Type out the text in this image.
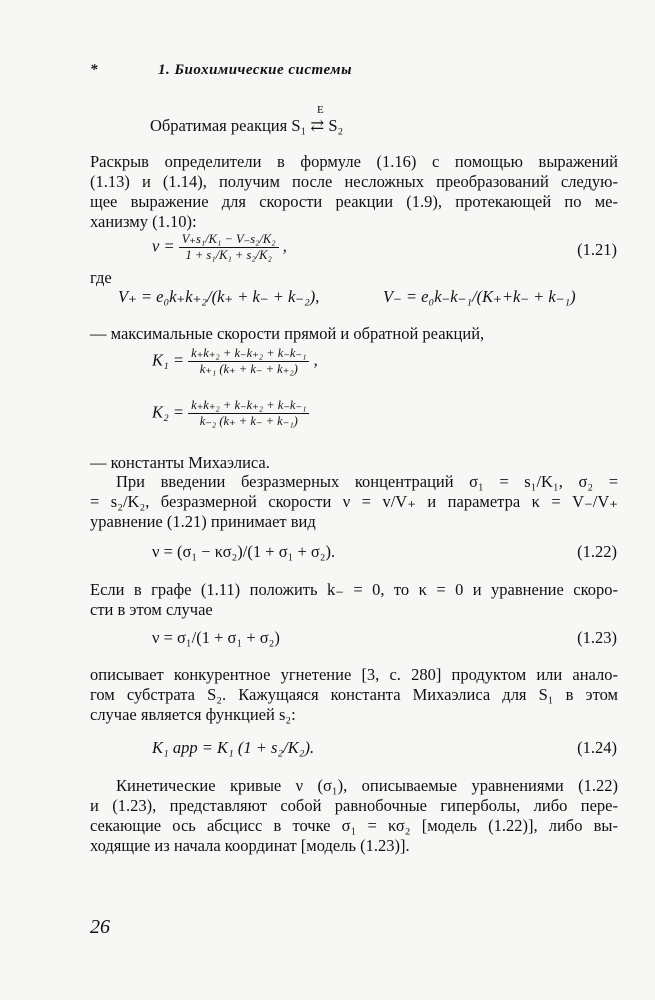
*	1. Биохимические системы
E
Обратимая реакция S₁ ⇄ S₂
Раскрыв определители в формуле (1.16) с помощью выражений
(1.13) и (1.14), получим после несложных преобразований следую-
щее выражение для скорости реакции (1.9), протекающей по ме-
ханизму (1.10):
$v = \frac{\text{V₊s₁/K₁ − V₋s₂/K₂}}{\text{1 + s₁/K₁ + s₂/K₂}}$ ,	(1.21)
где
V₊ = e₀k₊k₊₂/(k₊ + k₋ + k₋₂),	V₋ = e₀k₋k₋₁/(K₊+k₋ + k₋₁)
— максимальные скорости прямой и обратной реакций,
$K_1 = \frac{\text{k₊k₊₂ + k₋k₊₂ + k₋k₋₁}}{\text{k₊₁ (k₊ + k₋ + k₊₂)}}$ ,
$K_2 = \frac{\text{k₊k₊₂ + k₋k₊₂ + k₋k₋₁}}{\text{k₋₂ (k₊ + k₋ + k₋₁)}}$
— константы Михаэлиса.
При введении безразмерных концентраций σ₁ = s₁/K₁, σ₂ =
= s₂/K₂, безразмерной скорости ν = v/V₊ и параметра κ = V₋/V₊
уравнение (1.21) принимает вид
ν = (σ₁ − κσ₂)/(1 + σ₁ + σ₂).	(1.22)
Если в графе (1.11) положить k₋ = 0, то κ = 0 и уравнение скоро-
сти в этом случае
ν = σ₁/(1 + σ₁ + σ₂)	(1.23)
описывает конкурентное угнетение [3, с. 280] продуктом или анало-
гом субстрата S₂. Кажущаяся константа Михаэлиса для S₁ в этом
случае является функцией s₂:
K₁ app = K₁ (1 + s₂/K₂).	(1.24)
Кинетические кривые ν (σ₁), описываемые уравнениями (1.22)
и (1.23), представляют собой равнобочные гиперболы, либо пере-
секающие ось абсцисс в точке σ₁ = κσ₂ [модель (1.22)], либо вы-
ходящие из начала координат [модель (1.23)].
26
